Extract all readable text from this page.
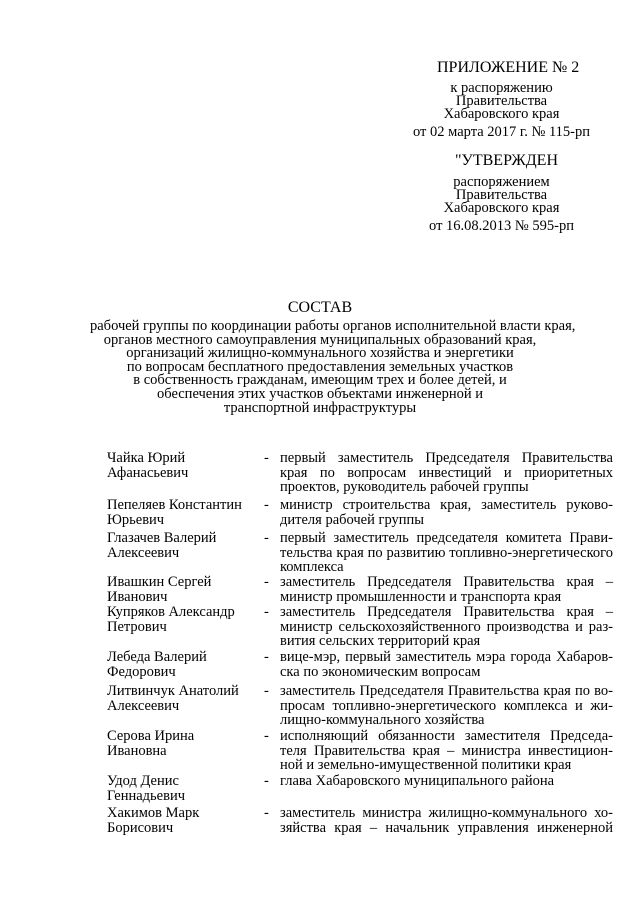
ПРИЛОЖЕНИЕ № 2
к распоряжению
Правительства
Хабаровского края
от 02 марта 2017 г. № 115-рп
"УТВЕРЖДЕН
распоряжением
Правительства
Хабаровского края
от 16.08.2013 № 595-рп
СОСТАВ
рабочей группы по координации работы органов исполнительной власти края,
органов местного самоуправления муниципальных образований края,
организаций жилищно-коммунального хозяйства и энергетики
по вопросам бесплатного предоставления земельных участков
в собственность гражданам, имеющим трех и более детей, и
обеспечения этих участков объектами инженерной и
транспортной инфраструктуры
Чайка Юрий
Афанасьевич
- первый заместитель Председателя Правительства
края по вопросам инвестиций и приоритетных
проектов, руководитель рабочей группы
Пепеляев Константин
Юрьевич
- министр строительства края, заместитель руково-
дителя рабочей группы
Глазачев Валерий
Алексеевич
- первый заместитель председателя комитета Прави-
тельства края по развитию топливно-энергетического
комплекса
Ивашкин Сергей
Иванович
- заместитель Председателя Правительства края –
министр промышленности и транспорта края
Купряков Александр
Петрович
- заместитель Председателя Правительства края –
министр сельскохозяйственного производства и раз-
вития сельских территорий края
Лебеда Валерий
Федорович
- вице-мэр, первый заместитель мэра города Хабаров-
ска по экономическим вопросам
Литвинчук Анатолий
Алексеевич
- заместитель Председателя Правительства края по во-
просам топливно-энергетического комплекса и жи-
лищно-коммунального хозяйства
Серова Ирина
Ивановна
- исполняющий обязанности заместителя Председа-
теля Правительства края – министра инвестицион-
ной и земельно-имущественной политики края
Удод Денис
Геннадьевич
- глава Хабаровского муниципального района
Хакимов Марк
Борисович
- заместитель министра жилищно-коммунального хо-
зяйства края – начальник управления инженерной
